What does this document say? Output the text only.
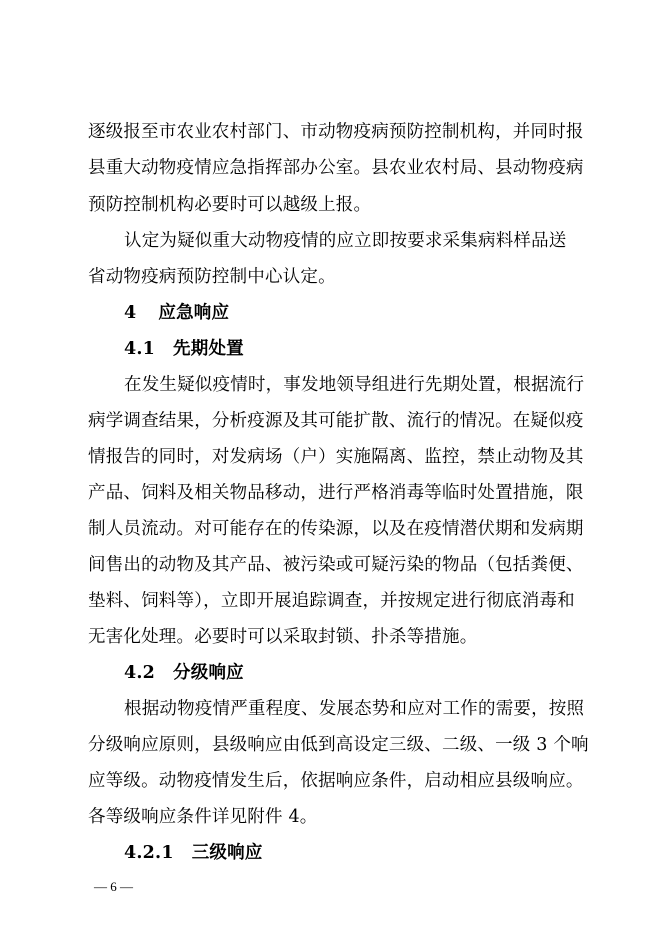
逐级报至市农业农村部门、市动物疫病预防控制机构，并同时报
县重大动物疫情应急指挥部办公室。县农业农村局、县动物疫病
预防控制机构必要时可以越级上报。
认定为疑似重大动物疫情的应立即按要求采集病料样品送
省动物疫病预防控制中心认定。
4 应急响应
4.1 先期处置
在发生疑似疫情时，事发地领导组进行先期处置，根据流行
病学调查结果，分析疫源及其可能扩散、流行的情况。在疑似疫
情报告的同时，对发病场（户）实施隔离、监控，禁止动物及其
产品、饲料及相关物品移动，进行严格消毒等临时处置措施，限
制人员流动。对可能存在的传染源，以及在疫情潜伏期和发病期
间售出的动物及其产品、被污染或可疑污染的物品（包括粪便、
垫料、饲料等），立即开展追踪调查，并按规定进行彻底消毒和
无害化处理。必要时可以采取封锁、扑杀等措施。
4.2 分级响应
根据动物疫情严重程度、发展态势和应对工作的需要，按照
分级响应原则，县级响应由低到高设定三级、二级、一级 3 个响
应等级。动物疫情发生后，依据响应条件，启动相应县级响应。
各等级响应条件详见附件 4。
4.2.1 三级响应
— 6 —
